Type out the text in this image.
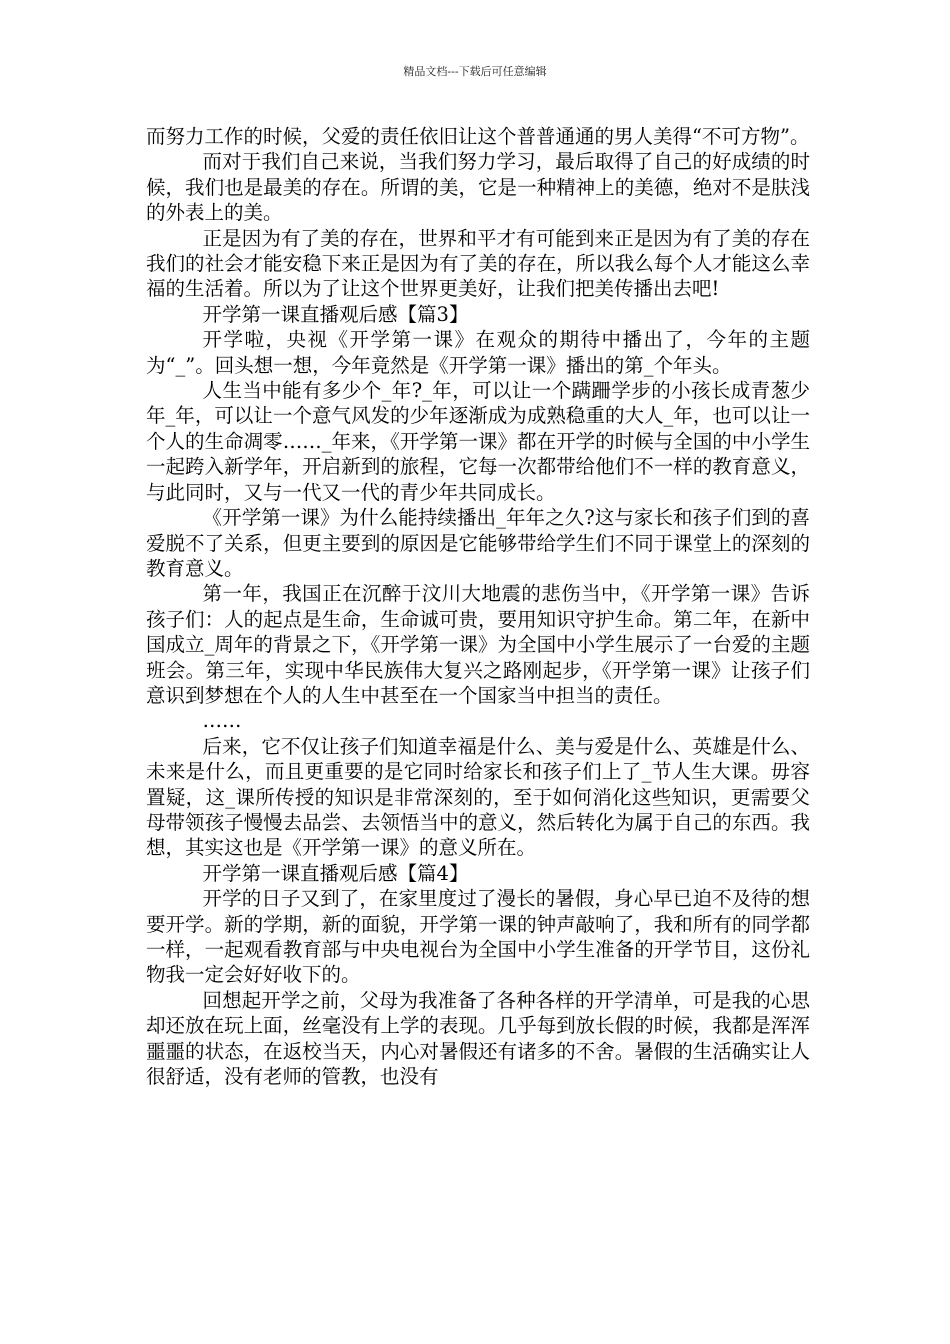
精品文档---下载后可任意编辑

而努力工作的时候，父爱的责任依旧让这个普普通通的男人美得“不可方物”。

而对于我们自己来说，当我们努力学习，最后取得了自己的好成绩的时候，我们也是最美的存在。所谓的美，它是一种精神上的美德，绝对不是肤浅的外表上的美。

正是因为有了美的存在，世界和平才有可能到来正是因为有了美的存在我们的社会才能安稳下来正是因为有了美的存在，所以我么每个人才能这么幸福的生活着。所以为了让这个世界更美好，让我们把美传播出去吧!

开学第一课直播观后感【篇3】

开学啦，央视《开学第一课》在观众的期待中播出了，今年的主题为“_”。回头想一想，今年竟然是《开学第一课》播出的第_个年头。

人生当中能有多少个_年?_年，可以让一个蹒跚学步的小孩长成青葱少年_年，可以让一个意气风发的少年逐渐成为成熟稳重的大人_年，也可以让一个人的生命凋零……_年来，《开学第一课》都在开学的时候与全国的中小学生一起跨入新学年，开启新到的旅程，它每一次都带给他们不一样的教育意义，与此同时，又与一代又一代的青少年共同成长。

《开学第一课》为什么能持续播出_年年之久?这与家长和孩子们到的喜爱脱不了关系，但更主要到的原因是它能够带给学生们不同于课堂上的深刻的教育意义。

第一年，我国正在沉醉于汶川大地震的悲伤当中，《开学第一课》告诉孩子们：人的起点是生命，生命诚可贵，要用知识守护生命。第二年，在新中国成立_周年的背景之下，《开学第一课》为全国中小学生展示了一台爱的主题班会。第三年，实现中华民族伟大复兴之路刚起步，《开学第一课》让孩子们意识到梦想在个人的人生中甚至在一个国家当中担当的责任。

……

后来，它不仅让孩子们知道幸福是什么、美与爱是什么、英雄是什么、未来是什么，而且更重要的是它同时给家长和孩子们上了_节人生大课。毋容置疑，这_课所传授的知识是非常深刻的，至于如何消化这些知识，更需要父母带领孩子慢慢去品尝、去领悟当中的意义，然后转化为属于自己的东西。我想，其实这也是《开学第一课》的意义所在。

开学第一课直播观后感【篇4】

开学的日子又到了，在家里度过了漫长的暑假，身心早已迫不及待的想要开学。新的学期，新的面貌，开学第一课的钟声敲响了，我和所有的同学都一样，一起观看教育部与中央电视台为全国中小学生准备的开学节目，这份礼物我一定会好好收下的。

回想起开学之前，父母为我准备了各种各样的开学清单，可是我的心思却还放在玩上面，丝毫没有上学的表现。几乎每到放长假的时候，我都是浑浑噩噩的状态，在返校当天，内心对暑假还有诸多的不舍。暑假的生活确实让人很舒适，没有老师的管教，也没有
